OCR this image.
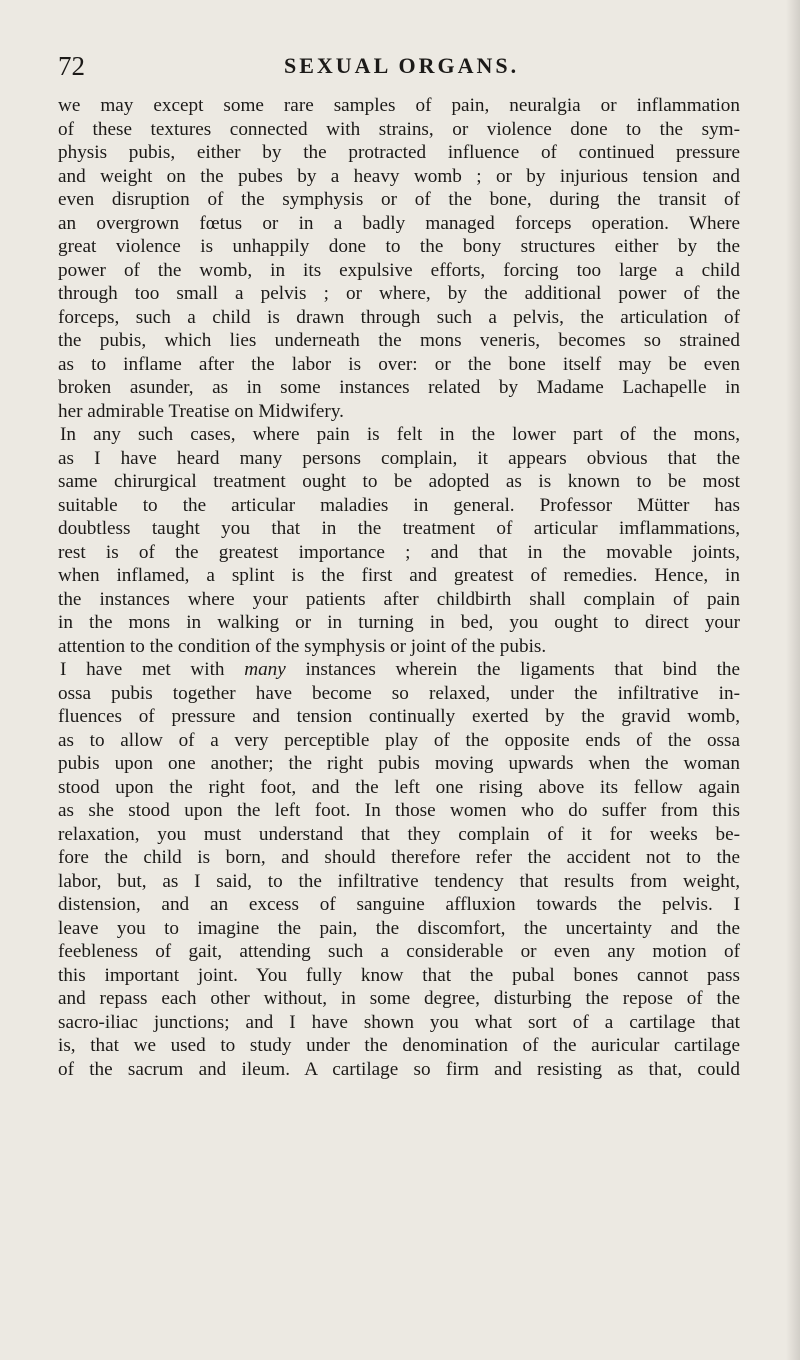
72	SEXUAL ORGANS.
we may except some rare samples of pain, neuralgia or inflammation
of these textures connected with strains, or violence done to the sym-
physis pubis, either by the protracted influence of continued pressure
and weight on the pubes by a heavy womb ; or by injurious tension and
even disruption of the symphysis or of the bone, during the transit of
an overgrown fœtus or in a badly managed forceps operation. Where
great violence is unhappily done to the bony structures either by the
power of the womb, in its expulsive efforts, forcing too large a child
through too small a pelvis ; or where, by the additional power of the
forceps, such a child is drawn through such a pelvis, the articulation of
the pubis, which lies underneath the mons veneris, becomes so strained
as to inflame after the labor is over: or the bone itself may be even
broken asunder, as in some instances related by Madame Lachapelle in
her admirable Treatise on Midwifery.
In any such cases, where pain is felt in the lower part of the mons,
as I have heard many persons complain, it appears obvious that the
same chirurgical treatment ought to be adopted as is known to be most
suitable to the articular maladies in general. Professor Mütter has
doubtless taught you that in the treatment of articular imflammations,
rest is of the greatest importance ; and that in the movable joints,
when inflamed, a splint is the first and greatest of remedies. Hence, in
the instances where your patients after childbirth shall complain of pain
in the mons in walking or in turning in bed, you ought to direct your
attention to the condition of the symphysis or joint of the pubis.
I have met with many instances wherein the ligaments that bind the
ossa pubis together have become so relaxed, under the infiltrative in-
fluences of pressure and tension continually exerted by the gravid womb,
as to allow of a very perceptible play of the opposite ends of the ossa
pubis upon one another; the right pubis moving upwards when the woman
stood upon the right foot, and the left one rising above its fellow again
as she stood upon the left foot. In those women who do suffer from this
relaxation, you must understand that they complain of it for weeks be-
fore the child is born, and should therefore refer the accident not to the
labor, but, as I said, to the infiltrative tendency that results from weight,
distension, and an excess of sanguine affluxion towards the pelvis. I
leave you to imagine the pain, the discomfort, the uncertainty and the
feebleness of gait, attending such a considerable or even any motion of
this important joint. You fully know that the pubal bones cannot pass
and repass each other without, in some degree, disturbing the repose of the
sacro-iliac junctions; and I have shown you what sort of a cartilage that
is, that we used to study under the denomination of the auricular cartilage
of the sacrum and ileum. A cartilage so firm and resisting as that, could
